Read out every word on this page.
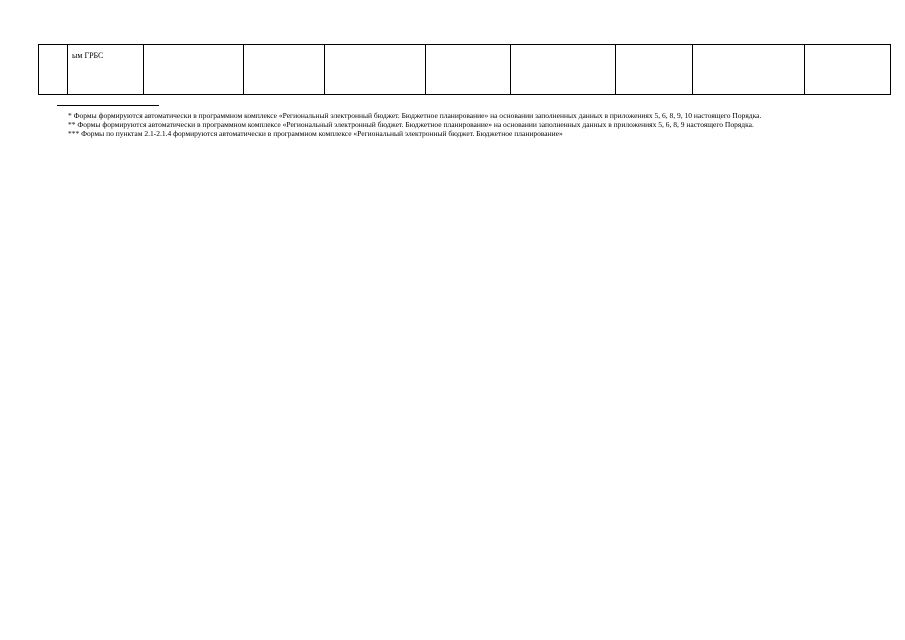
	ым ГРБС								

* Формы формируются автоматически в программном комплексе «Региональный электронный бюджет. Бюджетное планирование» на основании заполненных данных в приложениях 5, 6, 8, 9, 10 настоящего Порядка.

** Формы формируются автоматически в программном комплексе «Региональный электронный бюджет. Бюджетное планирование» на основании заполненных данных в приложениях 5, 6, 8, 9 настоящего Порядка.

*** Формы по пунктам 2.1-2.1.4 формируются автоматически в программном комплексе «Региональный электронный бюджет. Бюджетное планирование»
